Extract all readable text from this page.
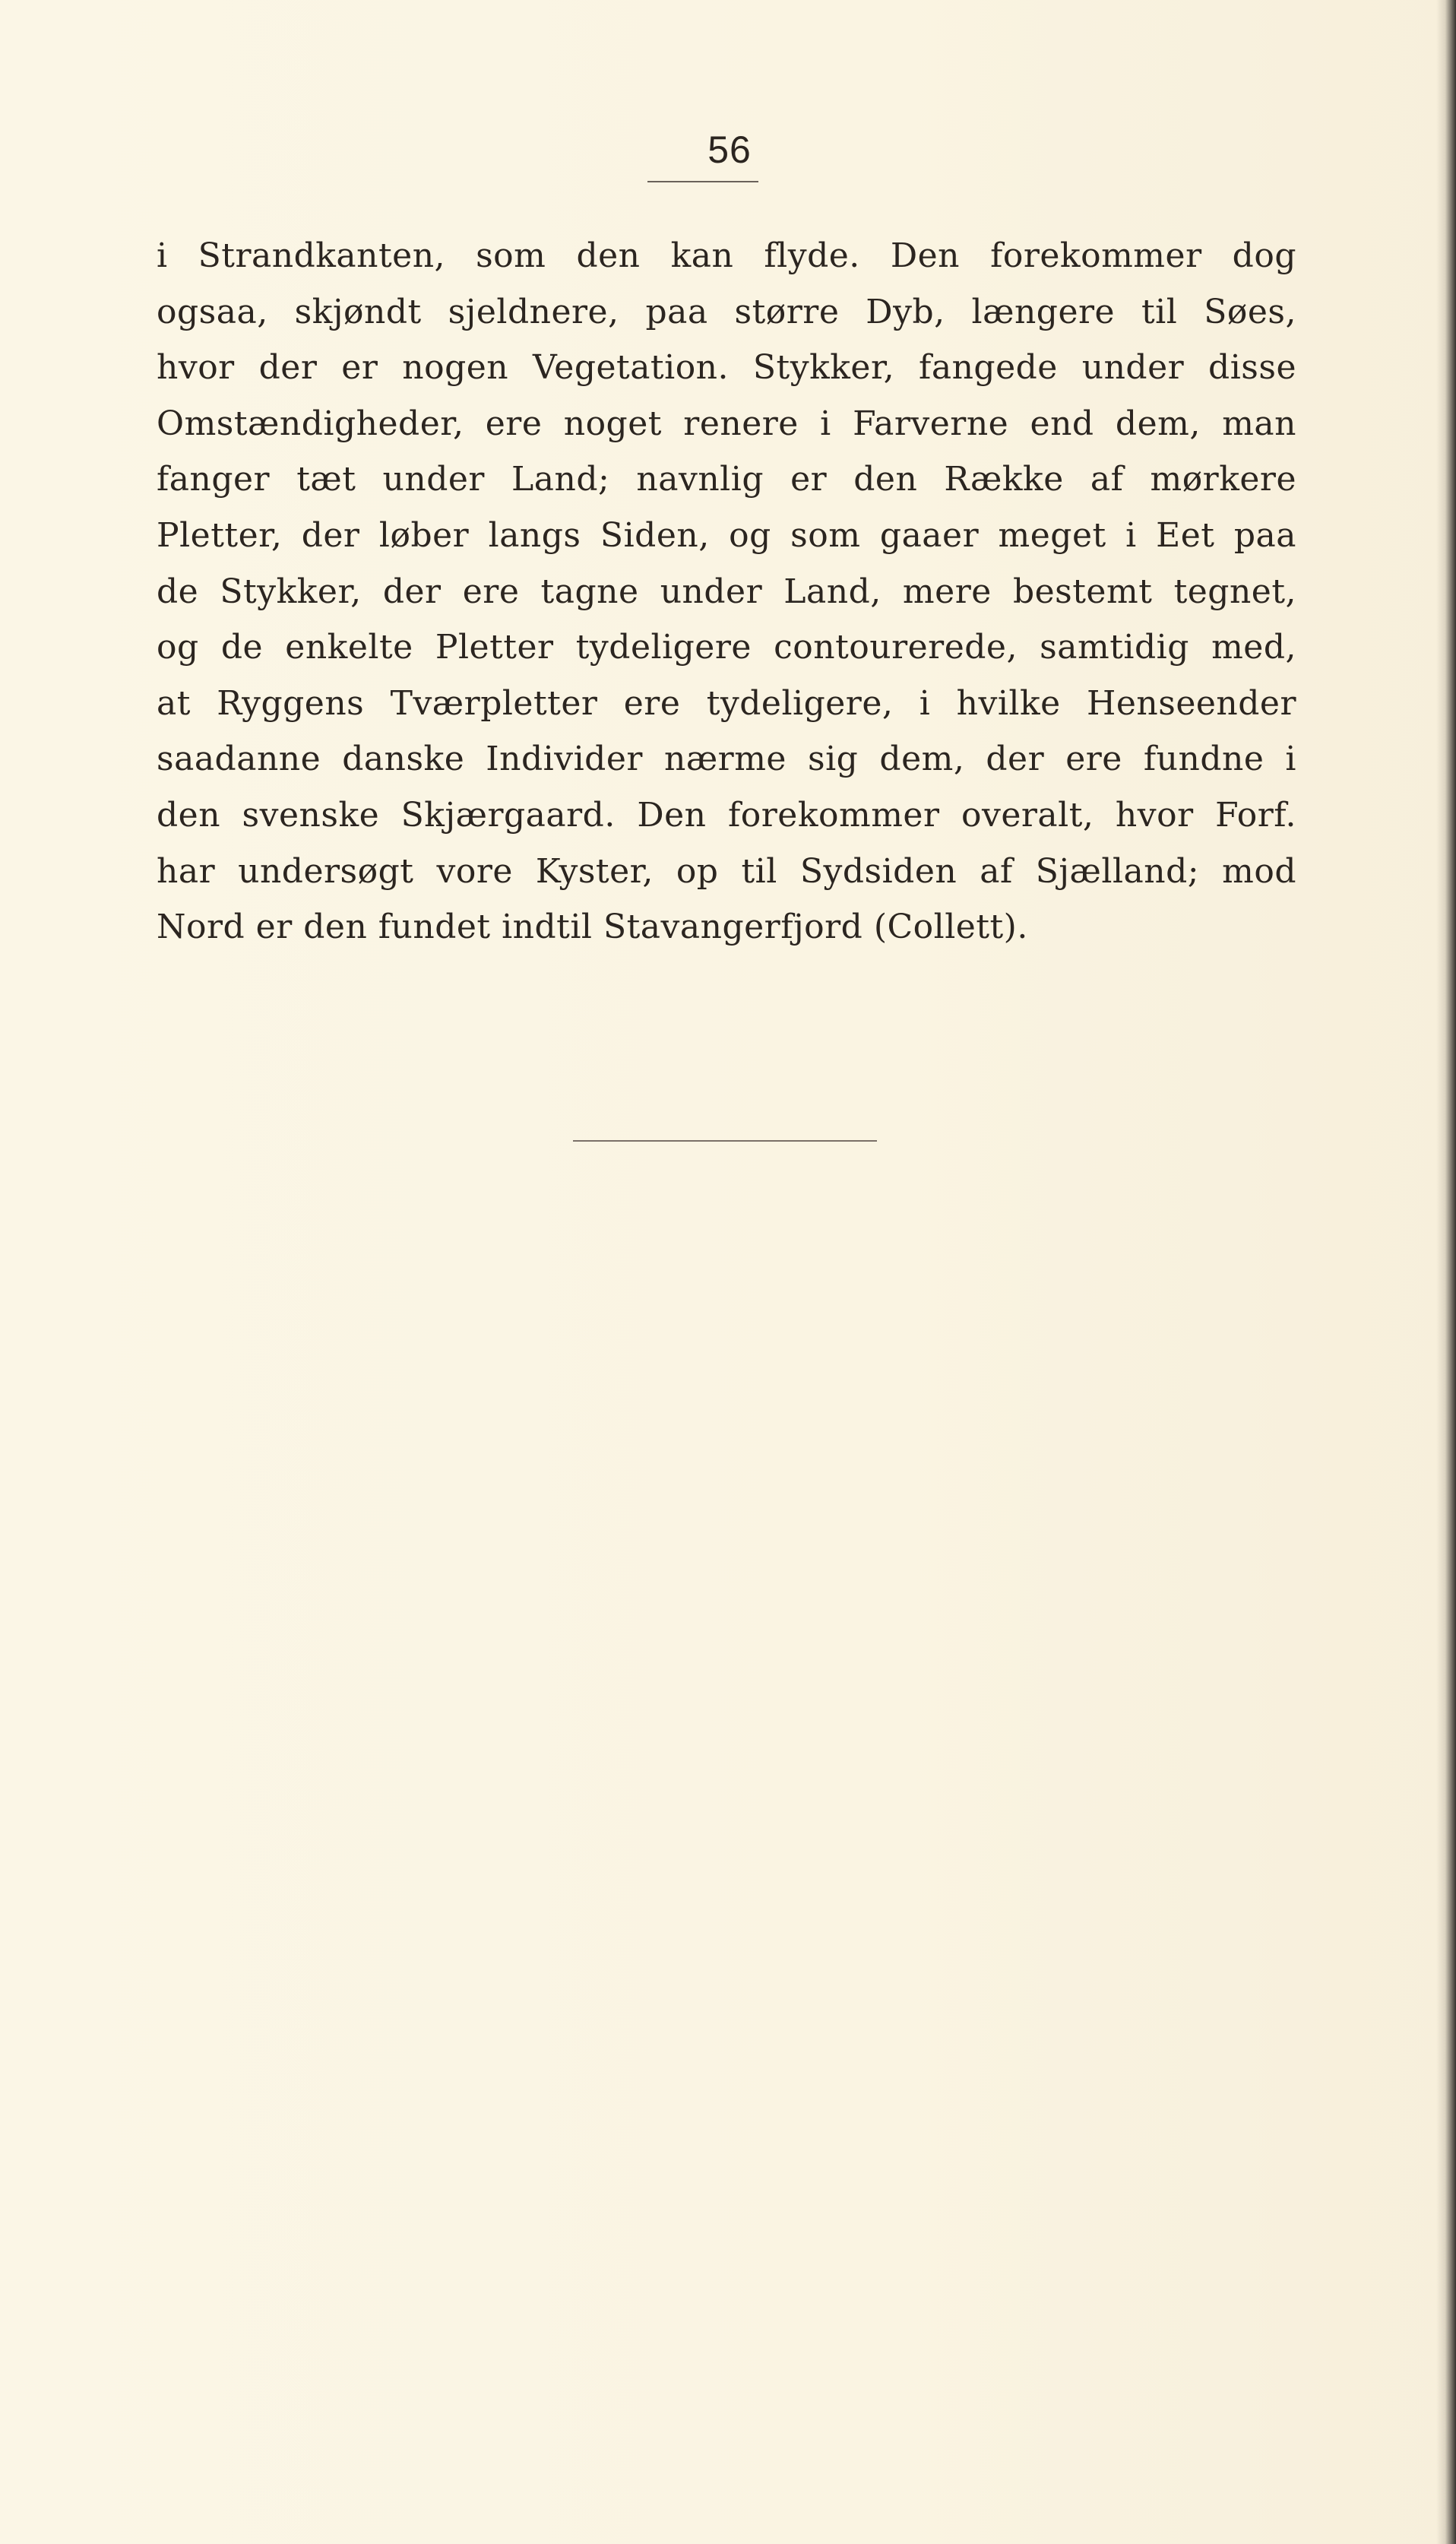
56
i Strandkanten, som den kan flyde. Den forekommer dog
ogsaa, skjøndt sjeldnere, paa større Dyb, længere til Søes,
hvor der er nogen Vegetation. Stykker, fangede under disse
Omstændigheder, ere noget renere i Farverne end dem, man
fanger tæt under Land; navnlig er den Række af mørkere
Pletter, der løber langs Siden, og som gaaer meget i Eet paa
de Stykker, der ere tagne under Land, mere bestemt tegnet,
og de enkelte Pletter tydeligere contourerede, samtidig med,
at Ryggens Tværpletter ere tydeligere, i hvilke Henseender
saadanne danske Individer nærme sig dem, der ere fundne i
den svenske Skjærgaard. Den forekommer overalt, hvor Forf.
har undersøgt vore Kyster, op til Sydsiden af Sjælland; mod
Nord er den fundet indtil Stavangerfjord (Collett).
